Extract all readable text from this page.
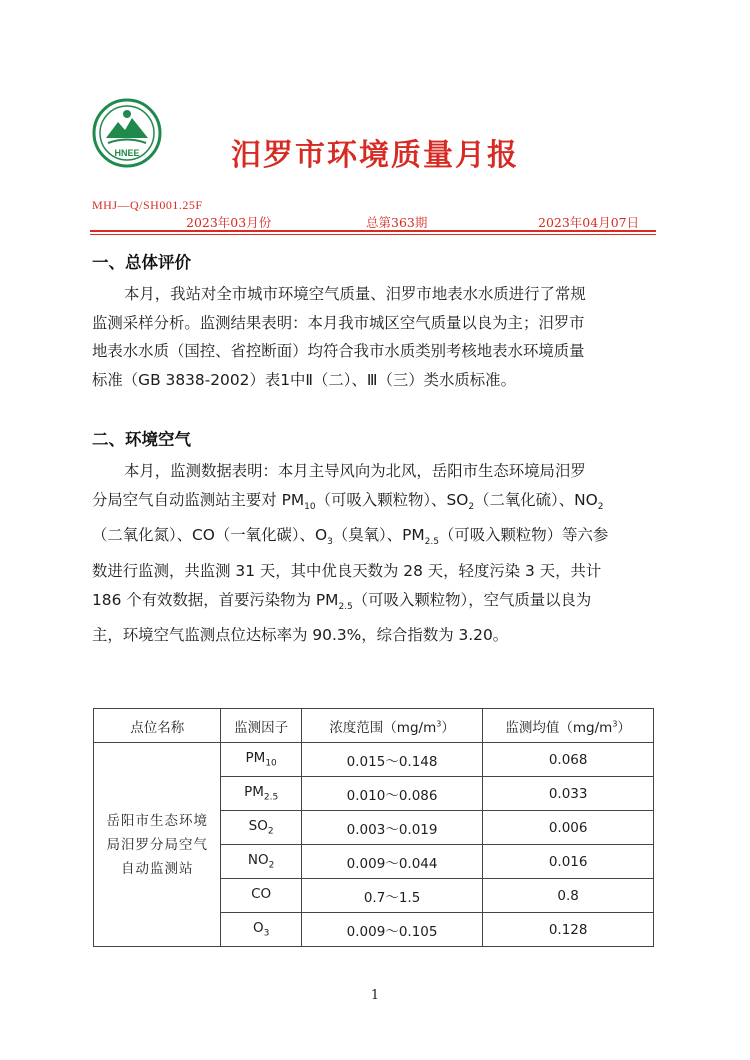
HNEE	汨罗市环境质量月报
MHJ—Q/SH001.25F
2023年03月份	总第363期	2023年04月07日
一、总体评价
本月，我站对全市城市环境空气质量、汨罗市地表水水质进行了常规
监测采样分析。监测结果表明：本月我市城区空气质量以良为主；汨罗市
地表水水质（国控、省控断面）均符合我市水质类别考核地表水环境质量
标准（GB 3838-2002）表1中Ⅱ（二）、Ⅲ（三）类水质标准。
二、环境空气
本月，监测数据表明：本月主导风向为北风，岳阳市生态环境局汨罗
分局空气自动监测站主要对 $PM_{10}$（可吸入颗粒物）、$SO_2$（二氧化硫）、$NO_2$
（二氧化氮）、CO（一氧化碳）、$O_3$（臭氧）、$PM_{2.5}$（可吸入颗粒物）等六参
数进行监测，共监测 31 天，其中优良天数为 28 天，轻度污染 3 天，共计
186 个有效数据，首要污染物为 $PM_{2.5}$（可吸入颗粒物），空气质量以良为
主，环境空气监测点位达标率为 90.3%，综合指数为 3.20。
点位名称	监测因子	浓度范围$(mg/m^3)$	监测均值$(mg/m^3)$

岳阳市生态环境
局汨罗分局空气
自动监测站	$PM_{10}$	0.015～0.148	0.068
	$PM_{2.5}$	0.010～0.086	0.033
	$SO_2$	0.003～0.019	0.006
	$NO_2$	0.009～0.044	0.016
	CO	0.7～1.5	0.8
	$O_3$	0.009～0.105	0.128
1
